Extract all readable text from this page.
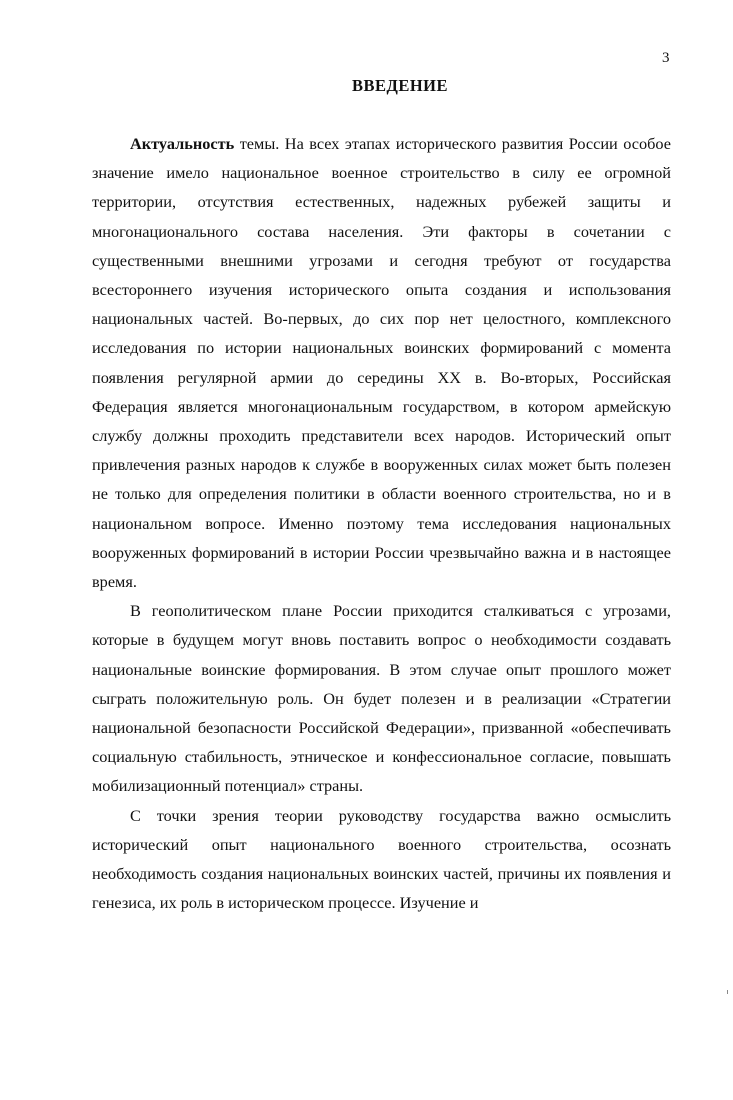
3
ВВЕДЕНИЕ

Актуальность темы. На всех этапах исторического развития России особое значение имело национальное военное строительство в силу ее огромной территории, отсутствия естественных, надежных рубежей защиты и многонационального состава населения. Эти факторы в сочетании с существенными внешними угрозами и сегодня требуют от государства всестороннего изучения исторического опыта создания и использования национальных частей. Во-первых, до сих пор нет целостного, комплексного исследования по истории национальных воинских формирований с момента появления регулярной армии до середины XX в. Во-вторых, Российская Федерация является многонациональным государством, в котором армейскую службу должны проходить представители всех народов. Исторический опыт привлечения разных народов к службе в вооруженных силах может быть полезен не только для определения политики в области военного строительства, но и в национальном вопросе. Именно поэтому тема исследования национальных вооруженных формирований в истории России чрезвычайно важна и в настоящее время.

В геополитическом плане России приходится сталкиваться с угрозами, которые в будущем могут вновь поставить вопрос о необходимости создавать национальные воинские формирования. В этом случае опыт прошлого может сыграть положительную роль. Он будет полезен и в реализации «Стратегии национальной безопасности Российской Федерации», призванной «обеспечивать социальную стабильность, этническое и конфессиональное согласие, повышать мобилизационный потенциал» страны.

С точки зрения теории руководству государства важно осмыслить исторический опыт национального военного строительства, осознать необходимость создания национальных воинских частей, причины их появления и генезиса, их роль в историческом процессе. Изучение и
